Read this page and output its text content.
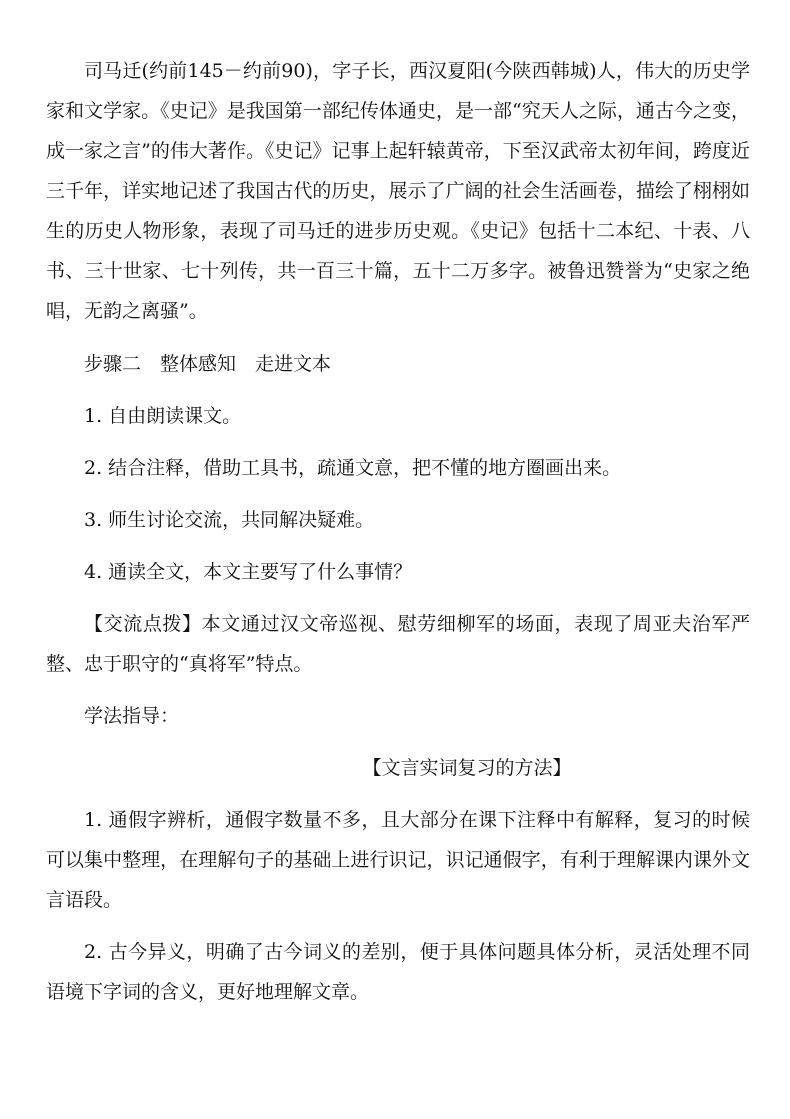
司马迁(约前145－约前90)，字子长，西汉夏阳(今陕西韩城)人，伟大的历史学家和文学家。《史记》是我国第一部纪传体通史，是一部“究天人之际，通古今之变，成一家之言”的伟大著作。《史记》记事上起轩辕黄帝，下至汉武帝太初年间，跨度近三千年，详实地记述了我国古代的历史，展示了广阔的社会生活画卷，描绘了栩栩如生的历史人物形象，表现了司马迁的进步历史观。《史记》包括十二本纪、十表、八书、三十世家、七十列传，共一百三十篇，五十二万多字。被鲁迅赞誉为“史家之绝唱，无韵之离骚”。

步骤二　整体感知　走进文本

1. 自由朗读课文。

2. 结合注释，借助工具书，疏通文意，把不懂的地方圈画出来。

3. 师生讨论交流，共同解决疑难。

4. 通读全文，本文主要写了什么事情？

【交流点拨】本文通过汉文帝巡视、慰劳细柳军的场面，表现了周亚夫治军严整、忠于职守的“真将军”特点。

学法指导：

【文言实词复习的方法】

1. 通假字辨析，通假字数量不多，且大部分在课下注释中有解释，复习的时候可以集中整理，在理解句子的基础上进行识记，识记通假字，有利于理解课内课外文言语段。

2. 古今异义，明确了古今词义的差别，便于具体问题具体分析，灵活处理不同语境下字词的含义，更好地理解文章。
